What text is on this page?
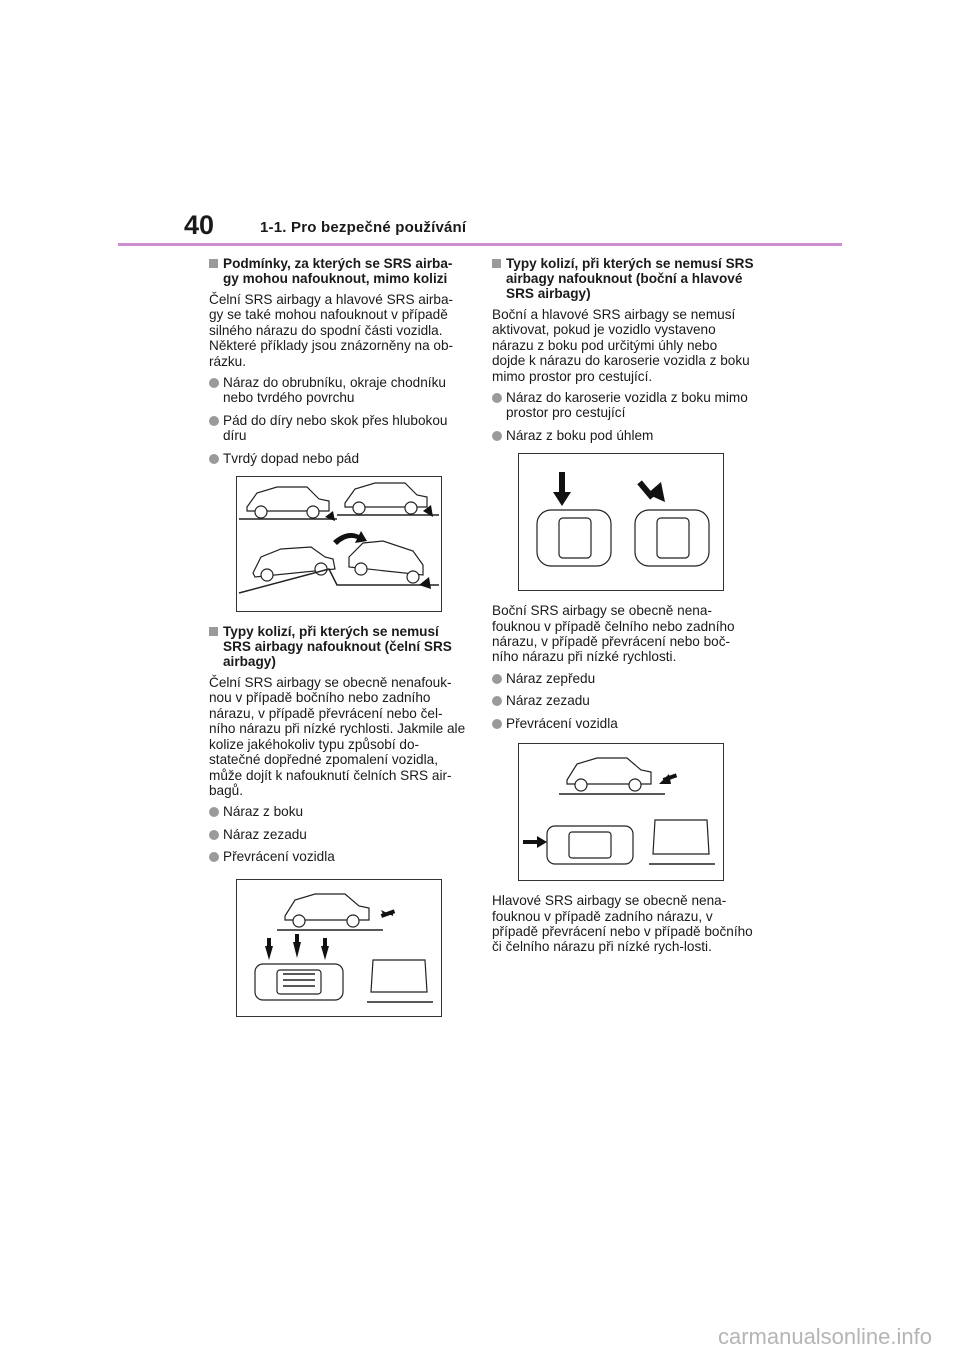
40	1-1. Pro bezpečné používání
Podmínky, za kterých se SRS airba-gy mohou nafouknout, mimo kolizi
Čelní SRS airbagy a hlavové SRS airba-gy se také mohou nafouknout v případě silného nárazu do spodní části vozidla. Některé příklady jsou znázorněny na ob-rázku.
Náraz do obrubníku, okraje chodníku nebo tvrdého povrchu
Pád do díry nebo skok přes hlubokou díru
Tvrdý dopad nebo pád
Typy kolizí, při kterých se nemusí SRS airbagy nafouknout (čelní SRS airbagy)
Čelní SRS airbagy se obecně nenafouk-nou v případě bočního nebo zadního nárazu, v případě převrácení nebo čel-ního nárazu při nízké rychlosti. Jakmile ale kolize jakéhokoliv typu způsobí do-statečné dopředné zpomalení vozidla, může dojít k nafouknutí čelních SRS air-bagů.
Náraz z boku
Náraz zezadu
Převrácení vozidla
Typy kolizí, při kterých se nemusí SRS airbagy nafouknout (boční a hlavové SRS airbagy)
Boční a hlavové SRS airbagy se nemusí aktivovat, pokud je vozidlo vystaveno nárazu z boku pod určitými úhly nebo dojde k nárazu do karoserie vozidla z boku mimo prostor pro cestující.
Náraz do karoserie vozidla z boku mimo prostor pro cestující
Náraz z boku pod úhlem
Boční SRS airbagy se obecně nena-fouknou v případě čelního nebo zadního nárazu, v případě převrácení nebo boč-ního nárazu při nízké rychlosti.
Náraz zepředu
Náraz zezadu
Převrácení vozidla
Hlavové SRS airbagy se obecně nena-fouknou v případě zadního nárazu, v případě převrácení nebo v případě bočního či čelního nárazu při nízké rych-losti.
carmanualsonline.info
